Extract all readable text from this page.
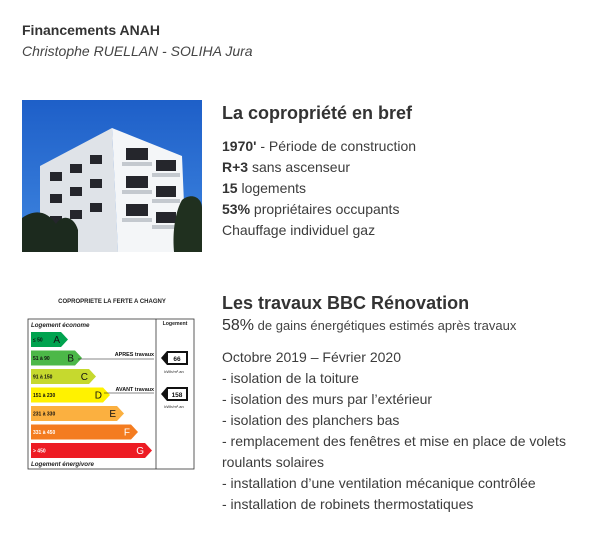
Financements ANAH
Christophe RUELLAN - SOLIHA Jura
La copropriété en bref
1970' - Période de construction
R+3 sans ascenseur
15 logements
53% propriétaires occupants
Chauffage individuel gaz
COPROPRIETE LA FERTE A CHAGNY
Logement économe	Logement
≤ 50 A
51 à 90 B
91 à 150	C
151 à 230	D
231 à 330	E
331 à 450	F
> 450	G
APRES travaux
66
kWh/m².an
AVANT travaux
158
kWh/m².an
Logement énergivore
Les travaux BBC Rénovation
58% de gains énergétiques estimés après travaux
Octobre 2019 – Février 2020
- isolation de la toiture
- isolation des murs par l’extérieur
- isolation des planchers bas
- remplacement des fenêtres et mise en place de volets roulants solaires
- installation d’une ventilation mécanique contrôlée
- installation de robinets thermostatiques
